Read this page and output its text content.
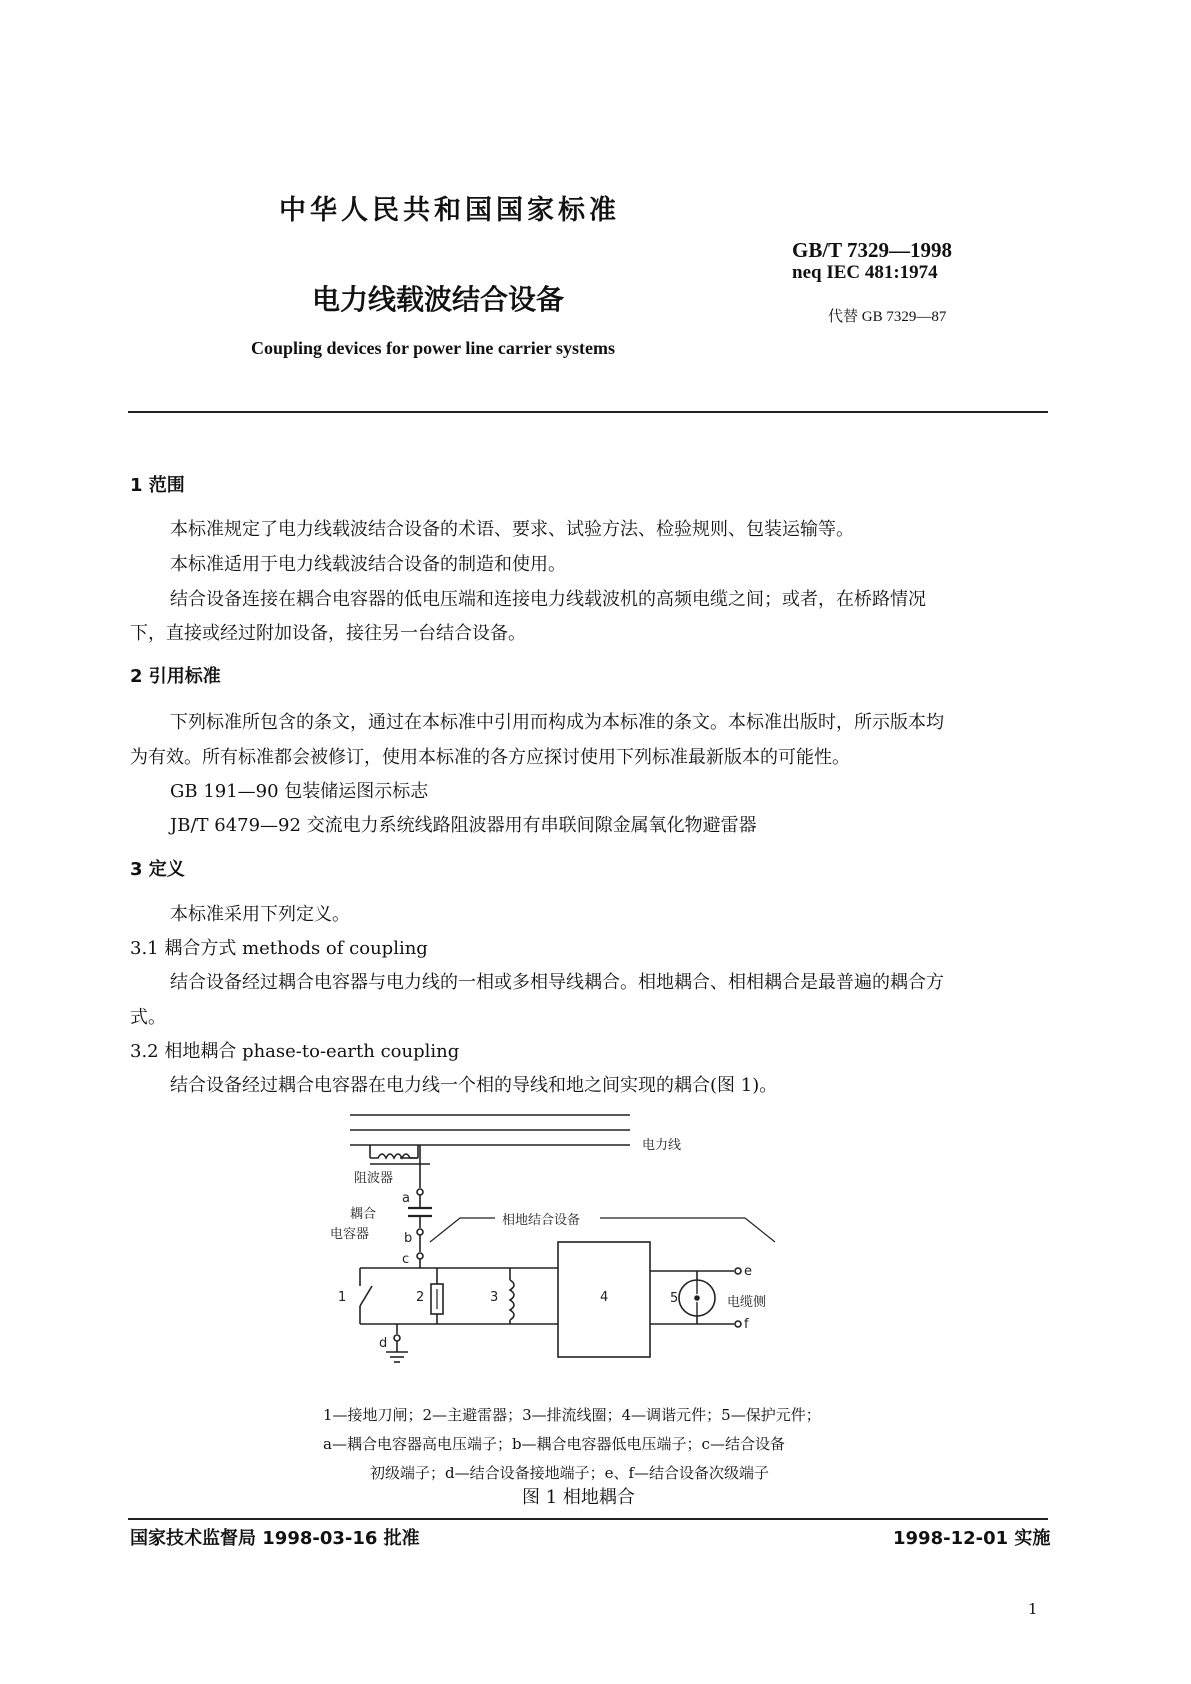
中华人民共和国国家标准
GB/T 7329—1998
neq IEC 481:1974
代替 GB 7329—87
电力线载波结合设备
Coupling devices for power line carrier systems
1 范围
本标准规定了电力线载波结合设备的术语、要求、试验方法、检验规则、包装运输等。
本标准适用于电力线载波结合设备的制造和使用。
结合设备连接在耦合电容器的低电压端和连接电力线载波机的高频电缆之间；或者，在桥路情况
下，直接或经过附加设备，接往另一台结合设备。
2 引用标准
下列标准所包含的条文，通过在本标准中引用而构成为本标准的条文。本标准出版时，所示版本均
为有效。所有标准都会被修订，使用本标准的各方应探讨使用下列标准最新版本的可能性。
GB 191—90 包装储运图示标志
JB/T 6479—92 交流电力系统线路阻波器用有串联间隙金属氧化物避雷器
3 定义
本标准采用下列定义。
3.1 耦合方式 methods of coupling
结合设备经过耦合电容器与电力线的一相或多相导线耦合。相地耦合、相相耦合是最普遍的耦合方
式。
3.2 相地耦合 phase-to-earth coupling
结合设备经过耦合电容器在电力线一个相的导线和地之间实现的耦合(图 1)。
电力线
阻波器
a
耦合
电容器	b
c
相地结合设备
1	2	3
d
4
e
f
5	电缆侧
1—接地刀闸；2—主避雷器；3—排流线圈；4—调谐元件；5—保护元件；
a—耦合电容器高电压端子；b—耦合电容器低电压端子；c—结合设备
初级端子；d—结合设备接地端子；e、f—结合设备次级端子
图 1 相地耦合
国家技术监督局 1998-03-16 批准	1998-12-01 实施
1
